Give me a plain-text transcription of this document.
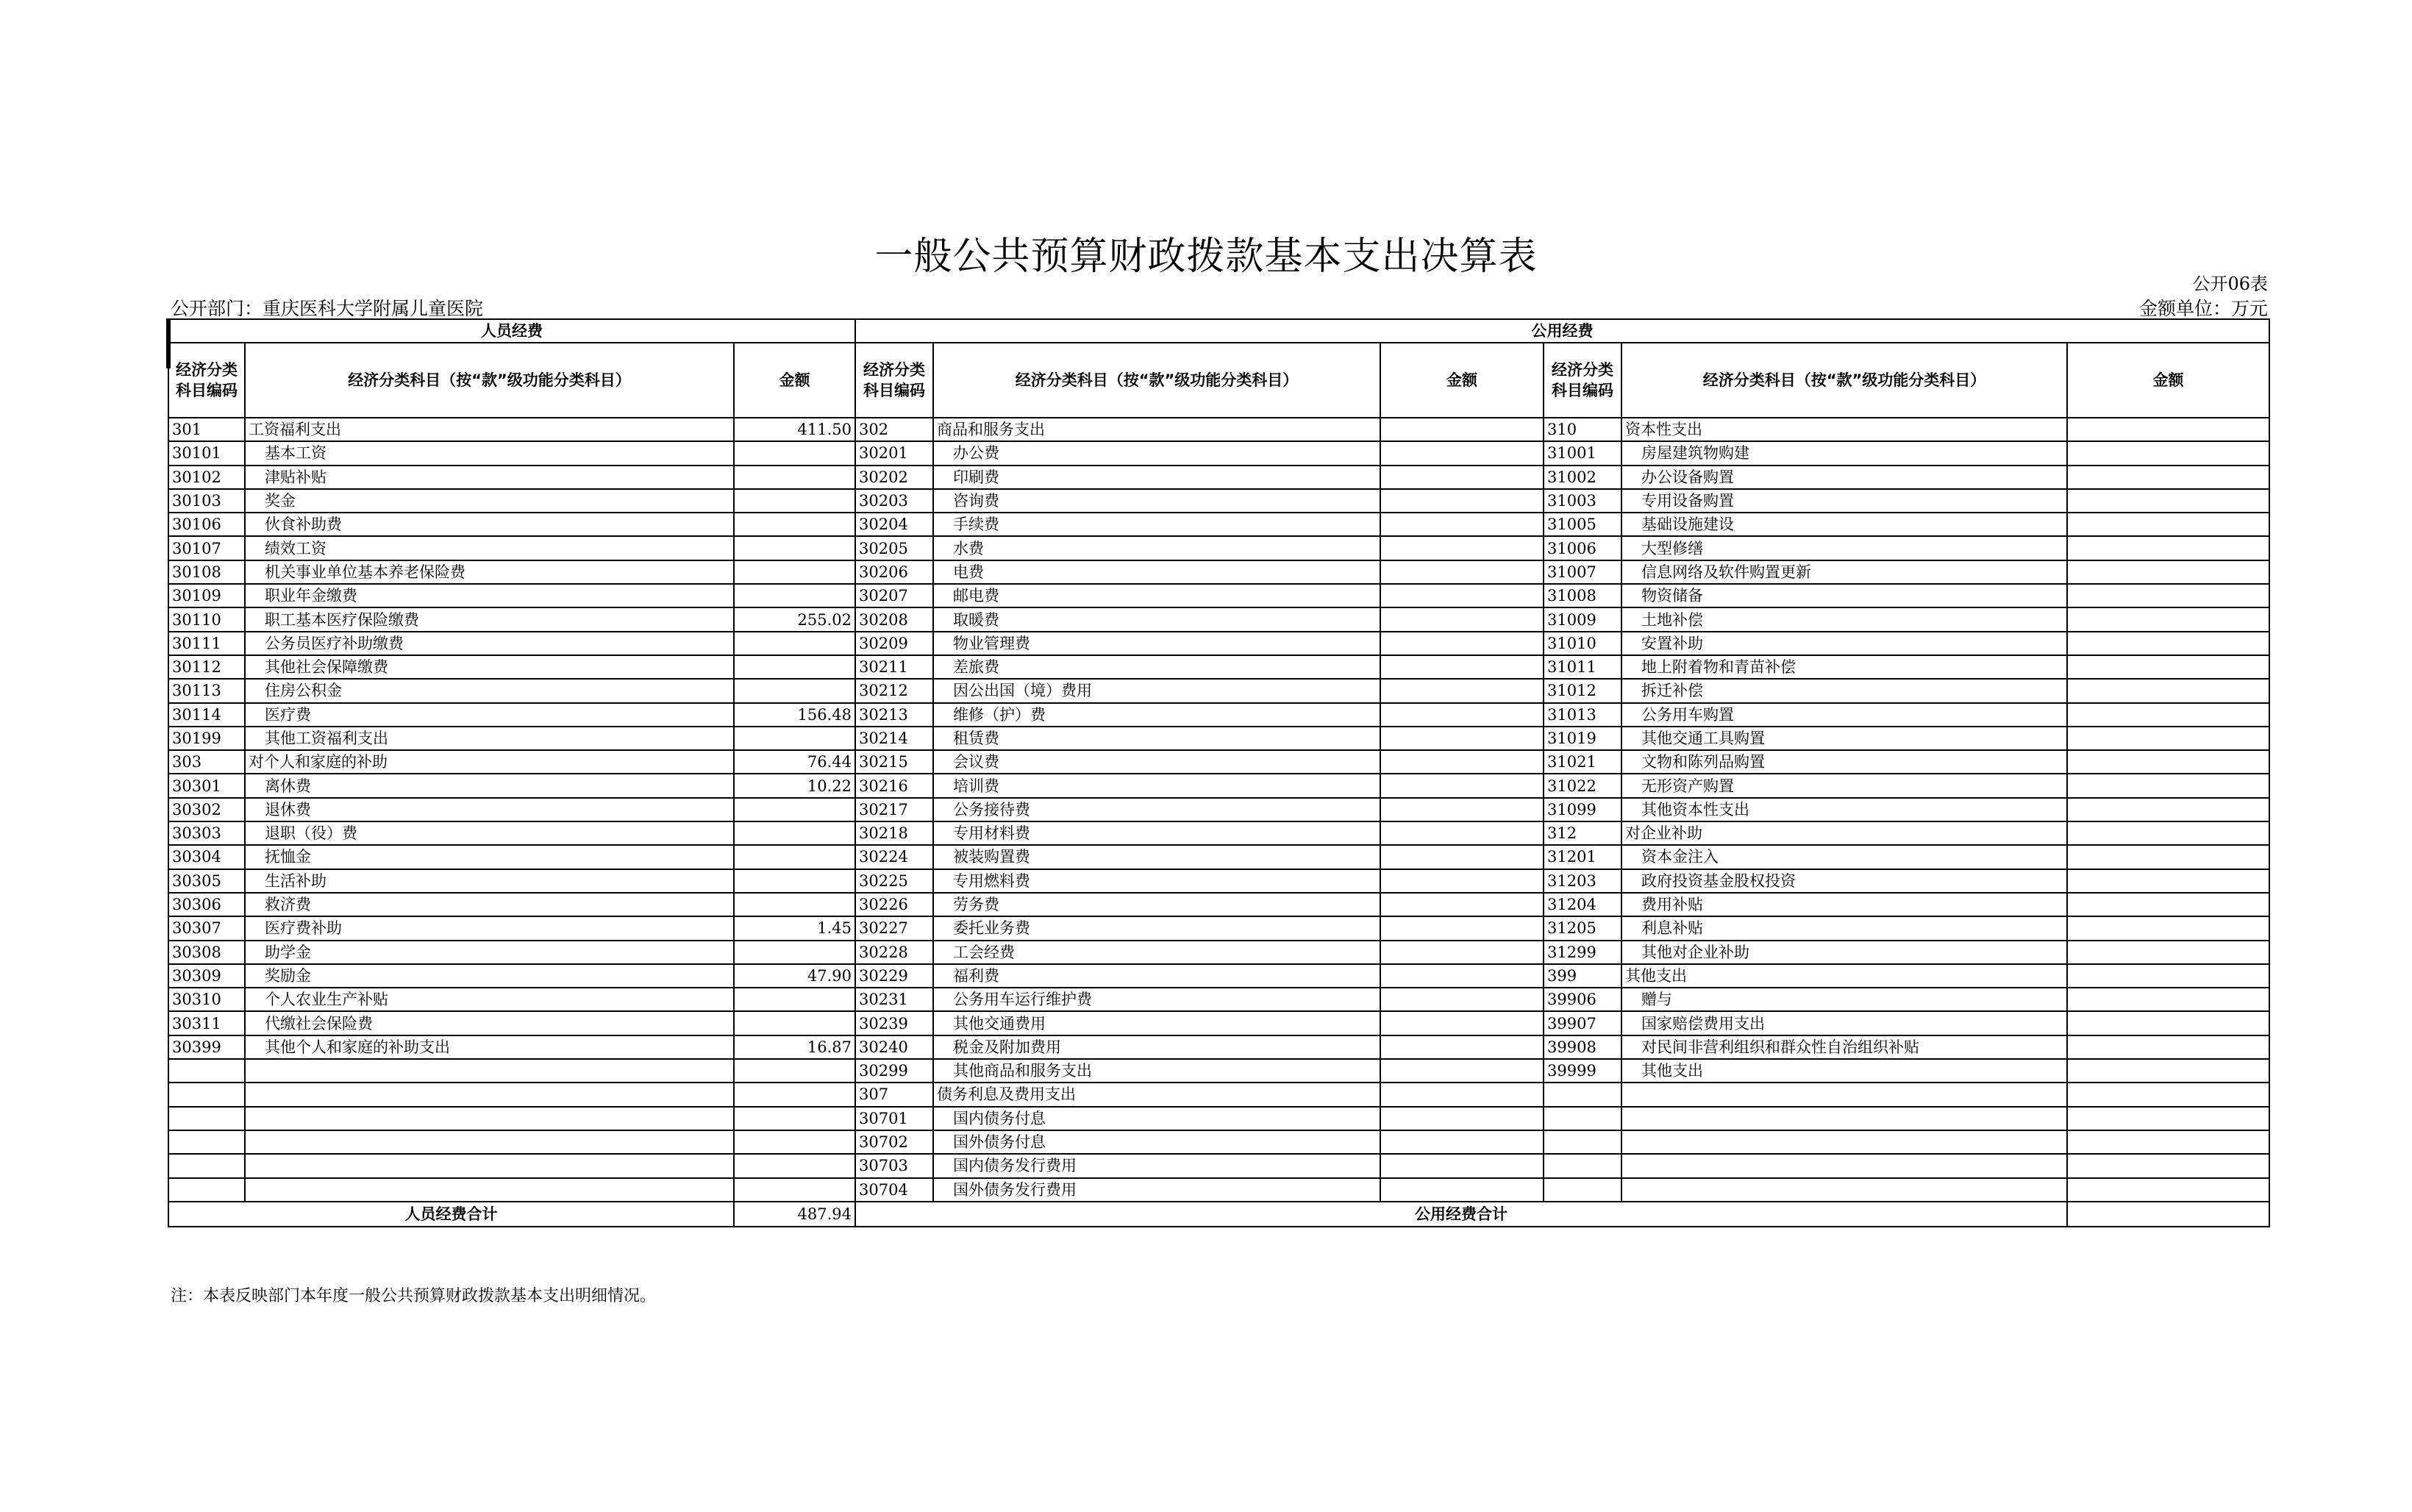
一般公共预算财政拨款基本支出决算表
公开06表
公开部门：重庆医科大学附属儿童医院	金额单位：万元
人员经费			公用经费					
经济分类科目编码	经济分类科目（按“款”级功能分类科目）	金额	经济分类科目编码	经济分类科目（按“款”级功能分类科目）	金额	经济分类科目编码	经济分类科目（按“款”级功能分类科目）	金额
301	工资福利支出	411.50	302	商品和服务支出		310	资本性支出	
30101	基本工资		30201	办公费		31001	房屋建筑物购建	
30102	津贴补贴		30202	印刷费		31002	办公设备购置	
30103	奖金		30203	咨询费		31003	专用设备购置	
30106	伙食补助费		30204	手续费		31005	基础设施建设	
30107	绩效工资		30205	水费		31006	大型修缮	
30108	机关事业单位基本养老保险费		30206	电费		31007	信息网络及软件购置更新	
30109	职业年金缴费		30207	邮电费		31008	物资储备	
30110	职工基本医疗保险缴费	255.02	30208	取暖费		31009	土地补偿	
30111	公务员医疗补助缴费		30209	物业管理费		31010	安置补助	
30112	其他社会保障缴费		30211	差旅费		31011	地上附着物和青苗补偿	
30113	住房公积金		30212	因公出国（境）费用		31012	拆迁补偿	
30114	医疗费	156.48	30213	维修（护）费		31013	公务用车购置	
30199	其他工资福利支出		30214	租赁费		31019	其他交通工具购置	
303	对个人和家庭的补助	76.44	30215	会议费		31021	文物和陈列品购置	
30301	离休费	10.22	30216	培训费		31022	无形资产购置	
30302	退休费		30217	公务接待费		31099	其他资本性支出	
30303	退职（役）费		30218	专用材料费		312	对企业补助	
30304	抚恤金		30224	被装购置费		31201	资本金注入	
30305	生活补助		30225	专用燃料费		31203	政府投资基金股权投资	
30306	救济费		30226	劳务费		31204	费用补贴	
30307	医疗费补助	1.45	30227	委托业务费		31205	利息补贴	
30308	助学金		30228	工会经费		31299	其他对企业补助	
30309	奖励金	47.90	30229	福利费		399	其他支出	
30310	个人农业生产补贴		30231	公务用车运行维护费		39906	赠与	
30311	代缴社会保险费		30239	其他交通费用		39907	国家赔偿费用支出	
30399	其他个人和家庭的补助支出	16.87	30240	税金及附加费用		39908	对民间非营利组织和群众性自治组织补贴	
			30299	其他商品和服务支出		39999	其他支出	
			307	债务利息及费用支出				
			30701	国内债务付息				
			30702	国外债务付息				
			30703	国内债务发行费用				
			30704	国外债务发行费用				
人员经费合计		487.94	公用经费合计					
注：本表反映部门本年度一般公共预算财政拨款基本支出明细情况。
